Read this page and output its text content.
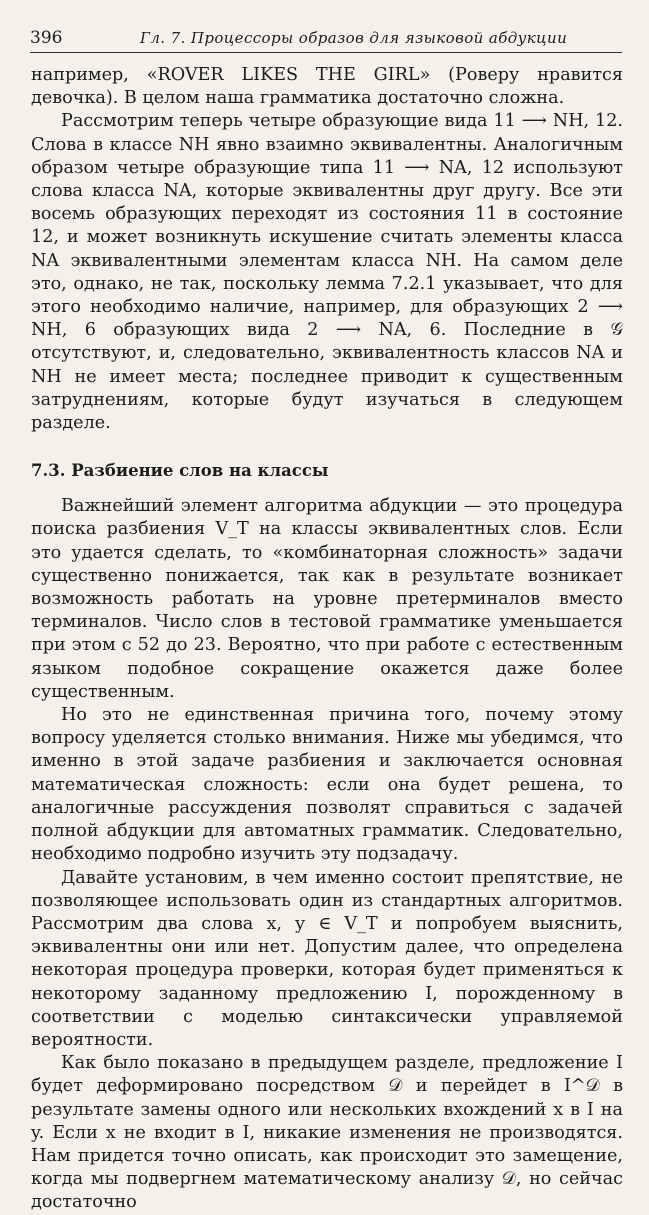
396	Гл. 7. Процессоры образов для языковой абдукции

например, «ROVER LIKES THE GIRL» (Роверу нравится девочка). В целом наша грамматика достаточно сложна.

Рассмотрим теперь четыре образующие вида 11 ⟶ NH, 12. Слова в классе NH явно взаимно эквивалентны. Аналогичным образом четыре образующие типа 11 ⟶ NA, 12 используют слова класса NA, которые эквивалентны друг другу. Все эти восемь образующих переходят из состояния 11 в состояние 12, и может возникнуть искушение считать элементы класса NA эквивалентными элементам класса NH. На самом деле это, однако, не так, поскольку лемма 7.2.1 указывает, что для этого необходимо наличие, например, для образующих 2 ⟶ NH, 6 образующих вида 2 ⟶ NA, 6. Последние в 𝒢 отсутствуют, и, следовательно, эквивалентность классов NA и NH не имеет места; последнее приводит к существенным затруднениям, которые будут изучаться в следующем разделе.

7.3. Разбиение слов на классы

Важнейший элемент алгоритма абдукции — это процедура поиска разбиения V_T на классы эквивалентных слов. Если это удается сделать, то «комбинаторная сложность» задачи существенно понижается, так как в результате возникает возможность работать на уровне претерминалов вместо терминалов. Число слов в тестовой грамматике уменьшается при этом с 52 до 23. Вероятно, что при работе с естественным языком подобное сокращение окажется даже более существенным.

Но это не единственная причина того, почему этому вопросу уделяется столько внимания. Ниже мы убедимся, что именно в этой задаче разбиения и заключается основная математическая сложность: если она будет решена, то аналогичные рассуждения позволят справиться с задачей полной абдукции для автоматных грамматик. Следовательно, необходимо подробно изучить эту подзадачу.

Давайте установим, в чем именно состоит препятствие, не позволяющее использовать один из стандартных алгоритмов. Рассмотрим два слова x, y ∈ V_T и попробуем выяснить, эквивалентны они или нет. Допустим далее, что определена некоторая процедура проверки, которая будет применяться к некоторому заданному предложению I, порожденному в соответствии с моделью синтаксически управляемой вероятности.

Как было показано в предыдущем разделе, предложение I будет деформировано посредством 𝒟 и перейдет в I^𝒟 в результате замены одного или нескольких вхождений x в I на y. Если x не входит в I, никакие изменения не производятся. Нам придется точно описать, как происходит это замещение, когда мы подвергнем математическому анализу 𝒟, но сейчас достаточно
